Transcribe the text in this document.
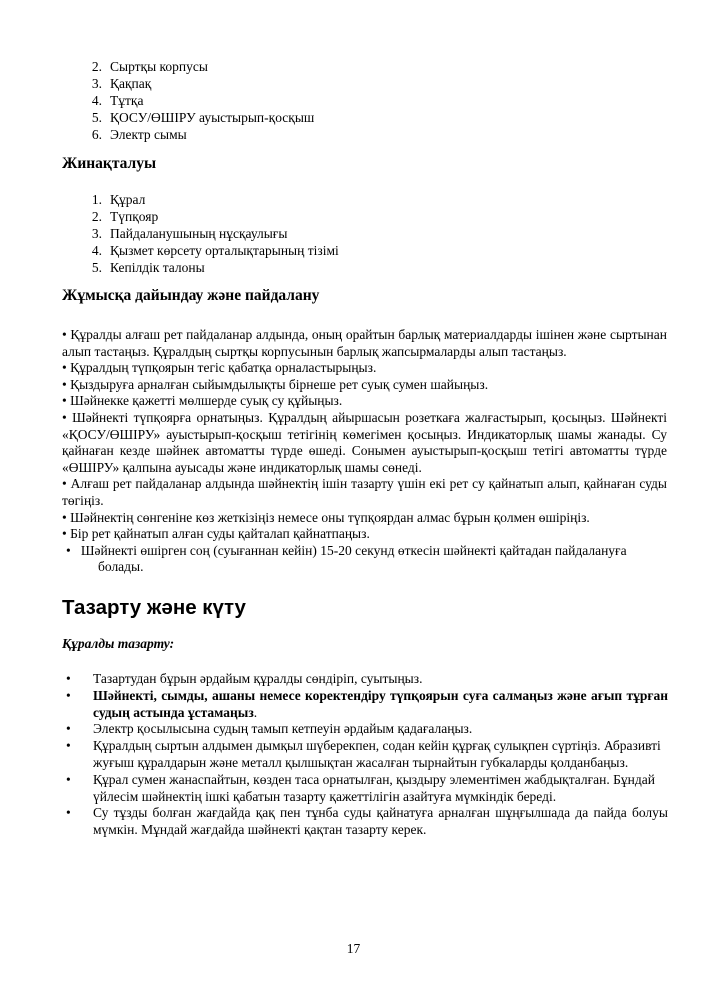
2. Сыртқы корпусы
3. Қақпақ
4. Тұтқа
5. ҚОСУ/ӨШІРУ ауыстырып-қосқыш
6. Электр сымы
Жинақталуы
1. Құрал
2. Түпқояр
3. Пайдаланушының нұсқаулығы
4. Қызмет көрсету орталықтарының тізімі
5. Кепілдік талоны
Жұмысқа дайындау және пайдалану
• Құралды алғаш рет пайдаланар алдында, оның орайтын барлық материалдарды ішінен және сыртынан алып тастаңыз. Құралдың сыртқы корпусынын барлық жапсырмаларды алып тастаңыз.
• Құралдың түпқоярын тегіс қабатқа орналастырыңыз.
• Қыздыруға арналған сыйымдылықты бірнеше рет суық сумен шайыңыз.
• Шәйнекке қажетті мөлшерде суық су құйыңыз.
• Шәйнекті түпқоярға орнатыңыз. Құралдың айыршасын розеткаға жалғастырып, қосыңыз. Шәйнекті «ҚОСУ/ӨШІРУ» ауыстырып-қосқыш тетігінің көмегімен қосыңыз. Индикаторлық шамы жанады. Су қайнаған кезде шәйнек автоматты түрде өшеді. Сонымен ауыстырып-қосқыш тетігі автоматты түрде «ӨШІРУ» қалпына ауысады және индикаторлық шамы сөнеді.
• Алғаш рет пайдаланар алдында шәйнектің ішін тазарту үшін екі рет су қайнатып алып, қайнаған суды төгіңіз.
• Шәйнектің сөнгеніне көз жеткізіңіз немесе оны түпқоярдан алмас бұрын қолмен өшіріңіз.
• Бір рет қайнатып алған суды қайталап қайнатпаңыз.
• Шәйнекті өшірген соң (суығаннан кейін) 15-20 секунд өткесін шәйнекті қайтадан пайдалануға болады.
Тазарту және күту
Құралды тазарту:
• Тазартудан бұрын әрдайым құралды сөндіріп, суытыңыз.
• Шәйнекті, сымды, ашаны немесе коректендіру түпқоярын суға салмаңыз және ағып тұрған судың астында ұстамаңыз.
• Электр қосылысына судың тамып кетпеуін әрдайым қадағалаңыз.
• Құралдың сыртын алдымен дымқыл шүберекпен, содан кейін құрғақ сулықпен сүртіңіз. Абразивті жуғыш құралдарын және металл қылшықтан жасалған тырнайтын губкаларды қолданбаңыз.
• Құрал сумен жанаспайтын, көзден таса орнатылған, қыздыру элементімен жабдықталған. Бұндай үйлесім шәйнектің ішкі қабатын тазарту қажеттілігін азайтуға мүмкіндік береді.
• Су тұзды болған жағдайда қақ пен тұнба суды қайнатуға арналған шұңғылшада да пайда болуы мүмкін. Мұндай жағдайда шәйнекті қақтан тазарту керек.
17
